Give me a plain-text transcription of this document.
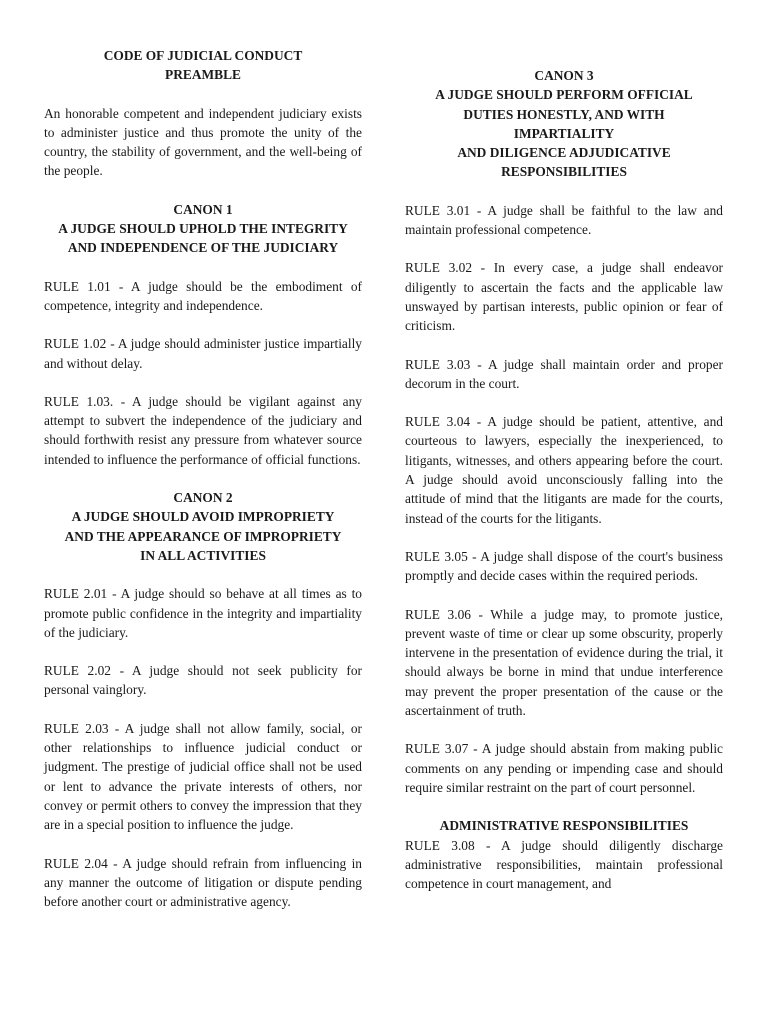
CODE OF JUDICIAL CONDUCT
PREAMBLE

An honorable competent and independent judiciary exists to administer justice and thus promote the unity of the country, the stability of government, and the well-being of the people.

CANON 1
A JUDGE SHOULD UPHOLD THE INTEGRITY
AND INDEPENDENCE OF THE JUDICIARY

RULE 1.01 - A judge should be the embodiment of competence, integrity and independence.

RULE 1.02 - A judge should administer justice impartially and without delay.

RULE 1.03. - A judge should be vigilant against any attempt to subvert the independence of the judiciary and should forthwith resist any pressure from whatever source intended to influence the performance of official functions.

CANON 2
A JUDGE SHOULD AVOID IMPROPRIETY
AND THE APPEARANCE OF IMPROPRIETY
IN ALL ACTIVITIES

RULE 2.01 - A judge should so behave at all times as to promote public confidence in the integrity and impartiality of the judiciary.

RULE 2.02 - A judge should not seek publicity for personal vainglory.

RULE 2.03 - A judge shall not allow family, social, or other relationships to influence judicial conduct or judgment. The prestige of judicial office shall not be used or lent to advance the private interests of others, nor convey or permit others to convey the impression that they are in a special position to influence the judge.

RULE 2.04 - A judge should refrain from influencing in any manner the outcome of litigation or dispute pending before another court or administrative agency.

CANON 3
A JUDGE SHOULD PERFORM OFFICIAL
DUTIES HONESTLY, AND WITH
IMPARTIALITY
AND DILIGENCE ADJUDICATIVE
RESPONSIBILITIES

RULE 3.01 - A judge shall be faithful to the law and maintain professional competence.

RULE 3.02 - In every case, a judge shall endeavor diligently to ascertain the facts and the applicable law unswayed by partisan interests, public opinion or fear of criticism.

RULE 3.03 - A judge shall maintain order and proper decorum in the court.

RULE 3.04 - A judge should be patient, attentive, and courteous to lawyers, especially the inexperienced, to litigants, witnesses, and others appearing before the court. A judge should avoid unconsciously falling into the attitude of mind that the litigants are made for the courts, instead of the courts for the litigants.

RULE 3.05 - A judge shall dispose of the court's business promptly and decide cases within the required periods.

RULE 3.06 - While a judge may, to promote justice, prevent waste of time or clear up some obscurity, properly intervene in the presentation of evidence during the trial, it should always be borne in mind that undue interference may prevent the proper presentation of the cause or the ascertainment of truth.

RULE 3.07 - A judge should abstain from making public comments on any pending or impending case and should require similar restraint on the part of court personnel.

ADMINISTRATIVE RESPONSIBILITIES

RULE 3.08 - A judge should diligently discharge administrative responsibilities, maintain professional competence in court management, and
